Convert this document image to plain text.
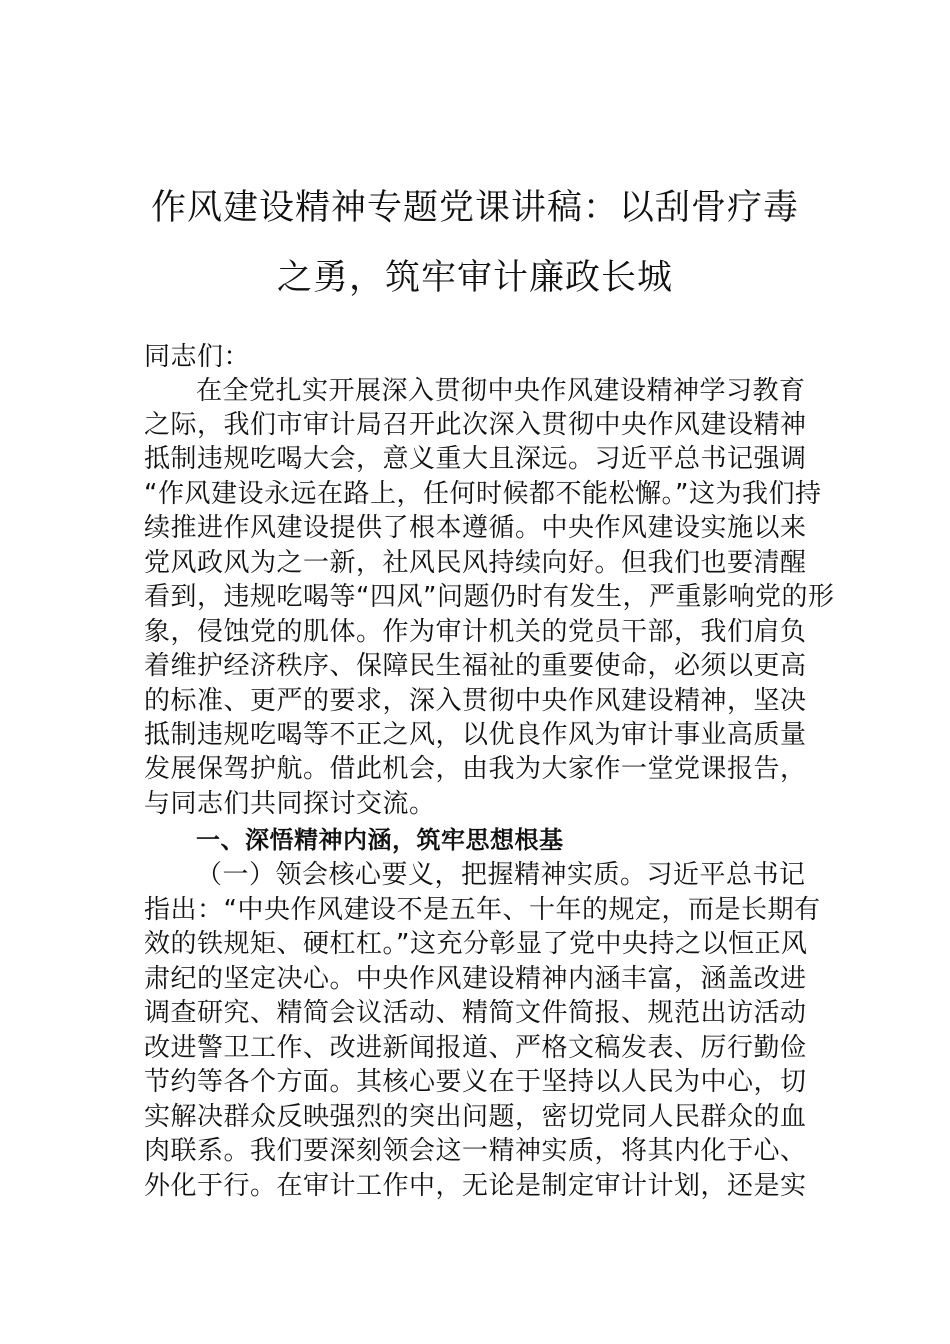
作风建设精神专题党课讲稿：以刮骨疗毒
之勇，筑牢审计廉政长城
同志们：
在全党扎实开展深入贯彻中央作风建设精神学习教育
之际，我们市审计局召开此次深入贯彻中央作风建设精神
抵制违规吃喝大会，意义重大且深远。习近平总书记强调
“作风建设永远在路上，任何时候都不能松懈。”这为我们持
续推进作风建设提供了根本遵循。中央作风建设实施以来
党风政风为之一新，社风民风持续向好。但我们也要清醒
看到，违规吃喝等“四风”问题仍时有发生，严重影响党的形
象，侵蚀党的肌体。作为审计机关的党员干部，我们肩负
着维护经济秩序、保障民生福祉的重要使命，必须以更高
的标准、更严的要求，深入贯彻中央作风建设精神，坚决
抵制违规吃喝等不正之风，以优良作风为审计事业高质量
发展保驾护航。借此机会，由我为大家作一堂党课报告，
与同志们共同探讨交流。
一、深悟精神内涵，筑牢思想根基
（一）领会核心要义，把握精神实质。习近平总书记
指出：“中央作风建设不是五年、十年的规定，而是长期有
效的铁规矩、硬杠杠。”这充分彰显了党中央持之以恒正风
肃纪的坚定决心。中央作风建设精神内涵丰富，涵盖改进
调查研究、精简会议活动、精简文件简报、规范出访活动
改进警卫工作、改进新闻报道、严格文稿发表、厉行勤俭
节约等各个方面。其核心要义在于坚持以人民为中心，切
实解决群众反映强烈的突出问题，密切党同人民群众的血
肉联系。我们要深刻领会这一精神实质，将其内化于心、
外化于行。在审计工作中，无论是制定审计计划，还是实
